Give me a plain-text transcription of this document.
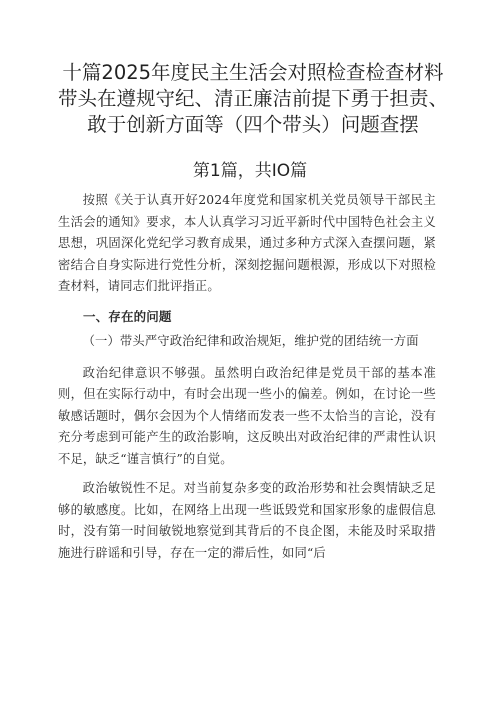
十篇2025年度民主生活会对照检查检查材料
带头在遵规守纪、清正廉洁前提下勇于担责、
敢于创新方面等（四个带头）问题查摆
第1篇，共IO篇

按照《关于认真开好2024年度党和国家机关党员领导干部民主生活会的通知》要求，本人认真学习习近平新时代中国特色社会主义思想，巩固深化党纪学习教育成果，通过多种方式深入查摆问题，紧密结合自身实际进行党性分析，深刻挖掘问题根源，形成以下对照检查材料，请同志们批评指正。

一、存在的问题

（一）带头严守政治纪律和政治规矩，维护党的团结统一方面

政治纪律意识不够强。虽然明白政治纪律是党员干部的基本准则，但在实际行动中，有时会出现一些小的偏差。例如，在讨论一些敏感话题时，偶尔会因为个人情绪而发表一些不太恰当的言论，没有充分考虑到可能产生的政治影响，这反映出对政治纪律的严肃性认识不足，缺乏“谨言慎行”的自觉。

政治敏锐性不足。对当前复杂多变的政治形势和社会舆情缺乏足够的敏感度。比如，在网络上出现一些诋毁党和国家形象的虚假信息时，没有第一时间敏锐地察觉到其背后的不良企图，未能及时采取措施进行辟谣和引导，存在一定的滞后性，如同“后
